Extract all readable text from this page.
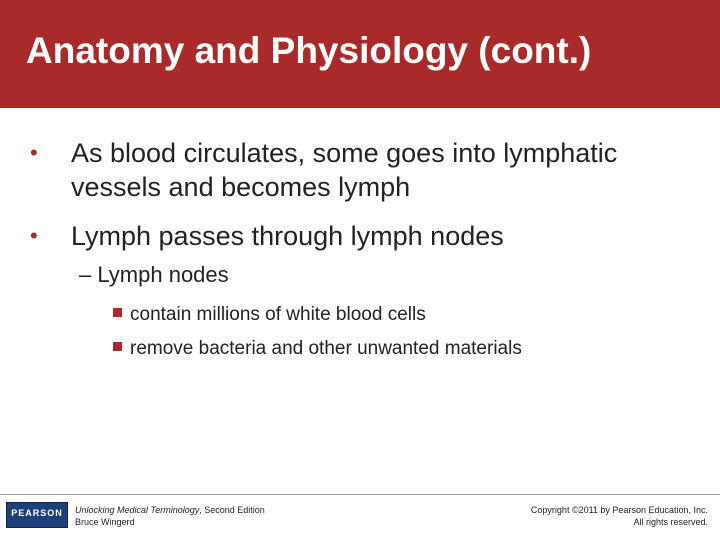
Anatomy and Physiology (cont.)
• As blood circulates, some goes into lymphatic vessels and becomes lymph
• Lymph passes through lymph nodes
– Lymph nodes
contain millions of white blood cells
remove bacteria and other unwanted materials
PEARSON	Unlocking Medical Terminology, Second Edition
Bruce Wingerd
Copyright ©2011 by Pearson Education, Inc.
All rights reserved.
